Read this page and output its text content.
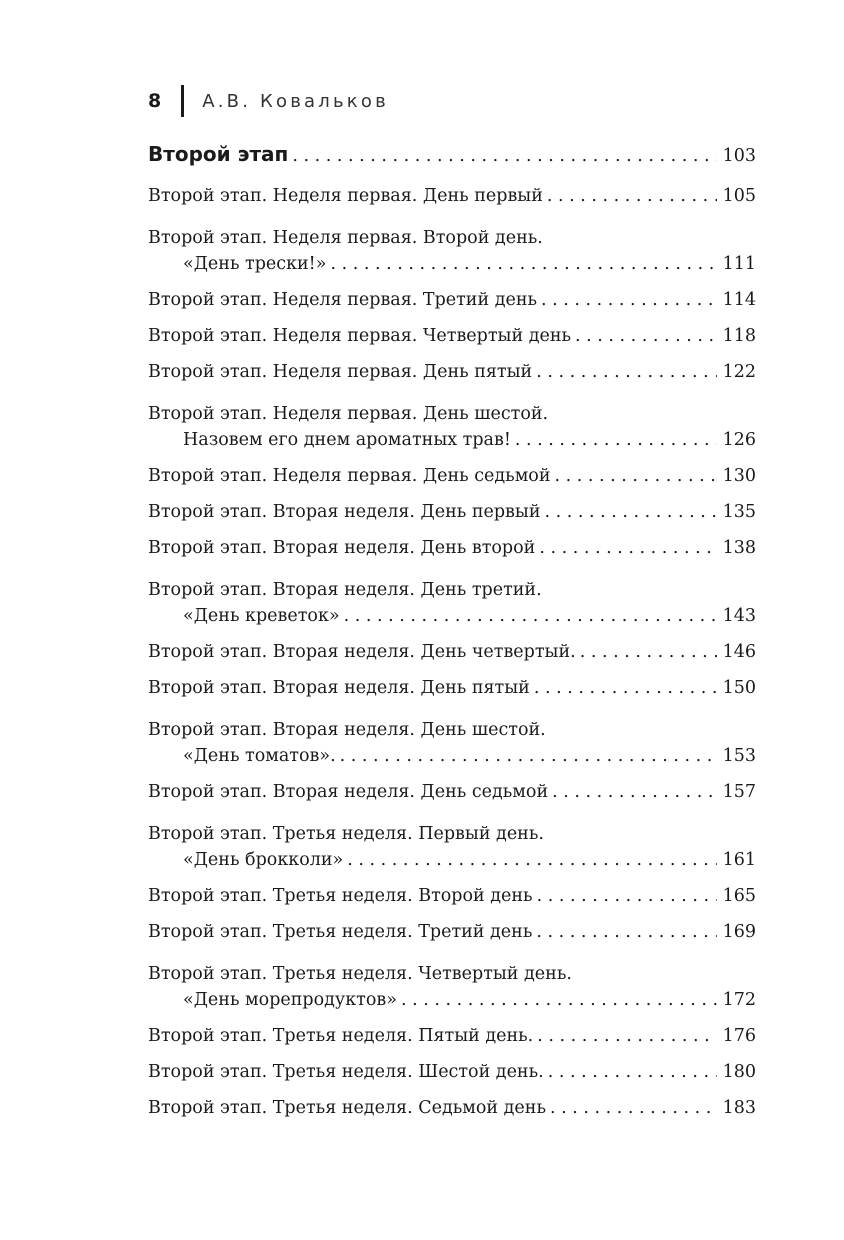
8 А.В. Ковальков
Второй этап . . .	103
Второй этап. Неделя первая. День первый . . .	105
Второй этап. Неделя первая. Второй день.
«День трески!» . . .	111
Второй этап. Неделя первая. Третий день . . .	114
Второй этап. Неделя первая. Четвертый день . . .	118
Второй этап. Неделя первая. День пятый . . .	122
Второй этап. Неделя первая. День шестой.
Назовем его днем ароматных трав! . . .	126
Второй этап. Неделя первая. День седьмой . . .	130
Второй этап. Вторая неделя. День первый . . .	135
Второй этап. Вторая неделя. День второй . . .	138
Второй этап. Вторая неделя. День третий.
«День креветок» . . .	143
Второй этап. Вторая неделя. День четвертый. . . .	146
Второй этап. Вторая неделя. День пятый . . .	150
Второй этап. Вторая неделя. День шестой.
«День томатов». . . .	153
Второй этап. Вторая неделя. День седьмой . . .	157
Второй этап. Третья неделя. Первый день.
«День брокколи» . . .	161
Второй этап. Третья неделя. Второй день . . .	165
Второй этап. Третья неделя. Третий день . . .	169
Второй этап. Третья неделя. Четвертый день.
«День морепродуктов» . . .	172
Второй этап. Третья неделя. Пятый день. . . .	176
Второй этап. Третья неделя. Шестой день. . . .	180
Второй этап. Третья неделя. Седьмой день . . .	183
